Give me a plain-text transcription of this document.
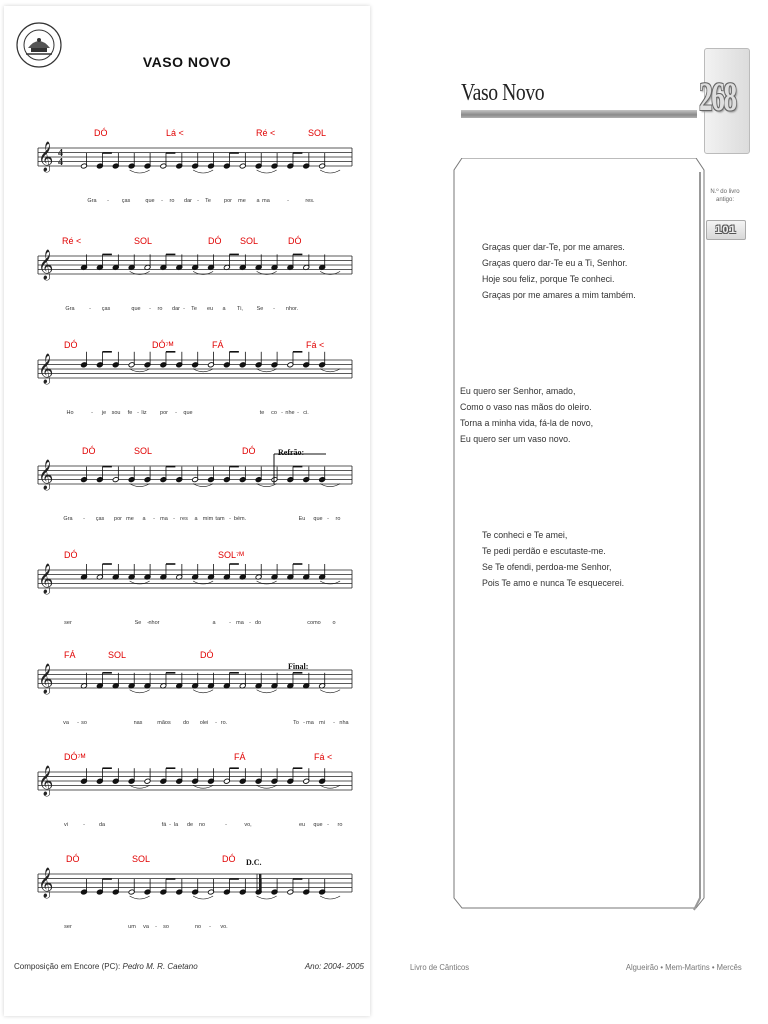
VASO NOVO
𝄞 4
4
DÓ	Lá <	Ré <	SOL
Gra - ças	que - ro dar - Te por me a ma	-	res.
𝄞
Ré <	SOL	DÓ SOL	DÓ
Gra	- ças	que - ro dar - Te eu a Ti, Se - nhor.
𝄞
DÓ	DÓ⁷ᴹ	FÁ	Fá <
Ho	- je sou fe - liz por - que	te co - nhe - ci.
𝄞
DÓ	SOL	DÓ	Refrão:
Gra - ças por me a - ma - res a mim tam - bém.	Eu que - ro
𝄞
DÓ	SOL⁷ᴹ
ser	Se - nhor	a - ma - do	como o
𝄞
FÁ	SOL	DÓ
Final:
va - so	nas	mãos do olei - ro.	To - ma mi - nha
𝄞
DÓ⁷ᴹ	FÁ	Fá <
vi	-	da	fá - la de no	-	vo,	eu que - ro
𝄞
DÓ	SOL	DÓ D.C.
ser	um va - so	no - vo.
Composição em Encore (PC): Pedro M. R. Caetano	Ano: 2004- 2005
Vaso Novo	268
N.º do livro
antigo:
101
Graças quer dar-Te, por me amares.
Graças quero dar-Te eu a Ti, Senhor.
Hoje sou feliz, porque Te conheci.
Graças por me amares a mim também.
Eu quero ser Senhor, amado,
Como o vaso nas mãos do oleiro.
Torna a minha vida, fá-la de novo,
Eu quero ser um vaso novo.
Te conheci e Te amei,
Te pedi perdão e escutaste-me.
Se Te ofendi, perdoa-me Senhor,
Pois Te amo e nunca Te esquecerei.
Livro de Cânticos	Algueirão • Mem-Martins • Mercês
